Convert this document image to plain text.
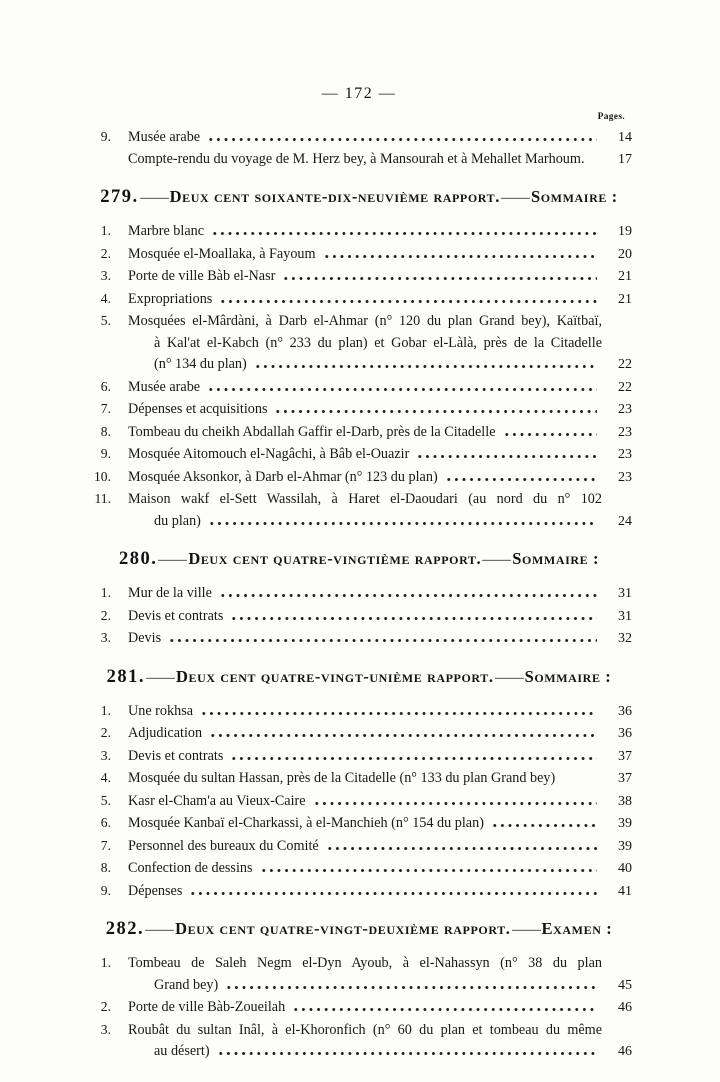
— 172 —
Pages.
9. Musée arabe	14
Compte-rendu du voyage de M. Herz bey, à Mansourah et à Mehallet Marhoum.	17
279.—Deux cent soixante-dix-neuvième rapport.—Sommaire :
1. Marbre blanc	19
2. Mosquée el-Moallaka, à Fayoum	20
3. Porte de ville Bàb el-Nasr	21
4. Expropriations	21
5. Mosquées el-Mârdàni, à Darb el-Ahmar (n° 120 du plan Grand bey), Kaïtbaï,
à Kal'at el-Kabch (n° 233 du plan) et Gobar el-Làlà, près de la Citadelle
(n° 134 du plan)	22
6. Musée arabe	22
7. Dépenses et acquisitions	23
8. Tombeau du cheikh Abdallah Gaffir el-Darb, près de la Citadelle	23
9. Mosquée Aitomouch el-Nagâchi, à Bâb el-Ouazir	23
10. Mosquée Aksonkor, à Darb el-Ahmar (n° 123 du plan)	23
11. Maison wakf el-Sett Wassilah, à Haret el-Daoudari (au nord du n° 102
du plan)	24
280.—Deux cent quatre-vingtième rapport.—Sommaire :
1. Mur de la ville	31
2. Devis et contrats	31
3. Devis	32
281.—Deux cent quatre-vingt-unième rapport.—Sommaire :
1. Une rokhsa	36
2. Adjudication	36
3. Devis et contrats	37
4. Mosquée du sultan Hassan, près de la Citadelle (n° 133 du plan Grand bey)	37
5. Kasr el-Cham'a au Vieux-Caire	38
6. Mosquée Kanbaï el-Charkassi, à el-Manchieh (n° 154 du plan)	39
7. Personnel des bureaux du Comité	39
8. Confection de dessins	40
9. Dépenses	41
282.—Deux cent quatre-vingt-deuxième rapport.—Examen :
1. Tombeau de Saleh Negm el-Dyn Ayoub, à el-Nahassyn (n° 38 du plan
Grand bey)	45
2. Porte de ville Bàb-Zoueilah	46
3. Roubât du sultan Inâl, à el-Khoronfich (n° 60 du plan et tombeau du même
au désert)	46
